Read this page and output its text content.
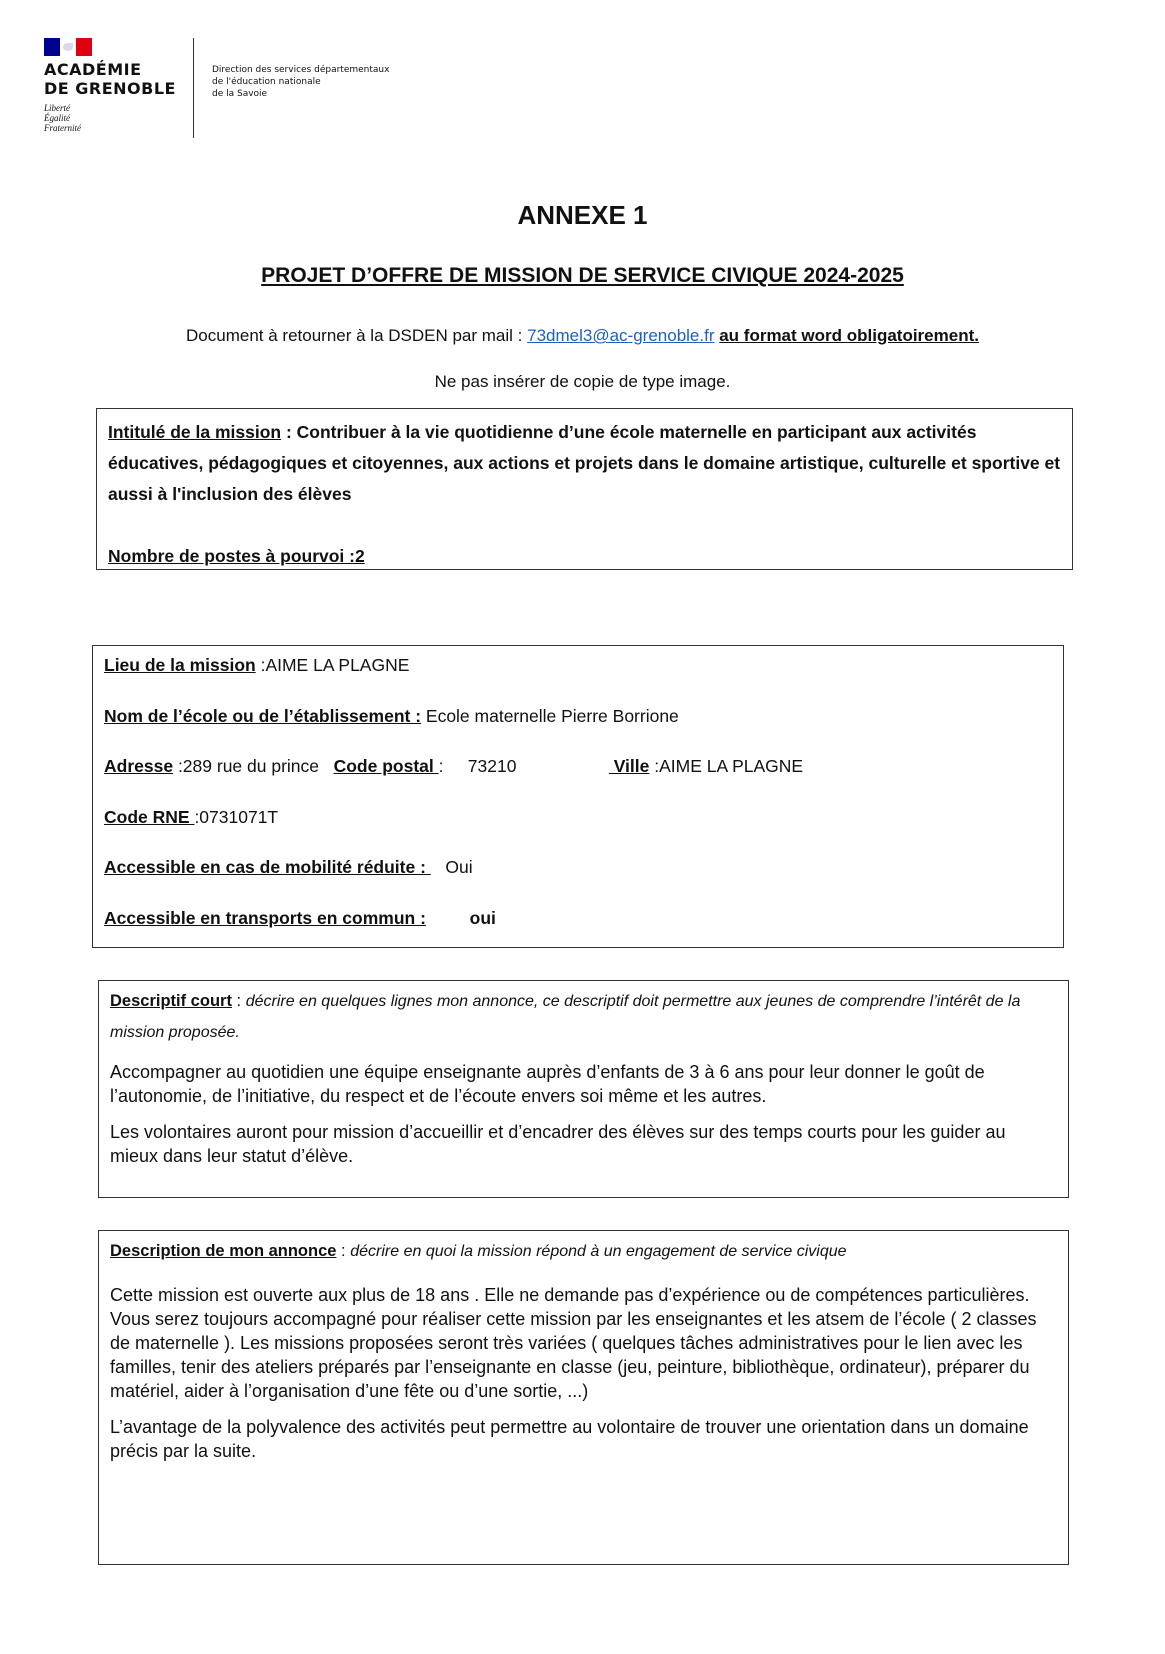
ACADÉMIE
DE GRENOBLE
Liberté
Égalité
Fraternité
Direction des services départementaux
de l'éducation nationale
de la Savoie
ANNEXE 1
PROJET D’OFFRE DE MISSION DE SERVICE CIVIQUE 2024-2025
Document à retourner à la DSDEN par mail : 73dmel3@ac-grenoble.fr au format word obligatoirement.
Ne pas insérer de copie de type image.
Intitulé de la mission : Contribuer à la vie quotidienne d’une école maternelle en participant aux activités éducatives, pédagogiques et citoyennes, aux actions et projets dans le domaine artistique, culturelle et sportive et aussi à l'inclusion des élèves
Nombre de postes à pourvoi :2
Lieu de la mission :AIME LA PLAGNE
Nom de l’école ou de l’établissement : Ecole maternelle Pierre Borrione
Adresse :289 rue du prince   Code postal :     73210                    Ville :AIME LA PLAGNE
Code RNE :0731071T
Accessible en cas de mobilité réduite :    Oui
Accessible en transports en commun :         oui
Descriptif court : décrire en quelques lignes mon annonce, ce descriptif doit permettre aux jeunes de comprendre l’intérêt de la mission proposée.
Accompagner au quotidien une équipe enseignante auprès d’enfants de 3 à 6 ans pour leur donner le goût de l’autonomie, de l’initiative, du respect et de l’écoute envers soi même et les autres.
Les volontaires auront pour mission d’accueillir et d’encadrer des élèves sur des temps courts pour les guider au mieux dans leur statut d’élève.
Description de mon annonce : décrire en quoi la mission répond à un engagement de service civique
Cette mission est ouverte aux plus de 18 ans . Elle ne demande pas d’expérience ou de compétences particulières. Vous serez toujours accompagné pour réaliser cette mission par les enseignantes et les atsem de l’école ( 2 classes de maternelle ). Les missions proposées seront très variées ( quelques tâches administratives pour le lien avec les familles, tenir des ateliers préparés par l’enseignante en classe (jeu, peinture, bibliothèque, ordinateur), préparer du matériel, aider à l’organisation d’une fête ou d’une sortie, ...)
L’avantage de la polyvalence des activités peut permettre au volontaire de trouver une orientation dans un domaine précis par la suite.
